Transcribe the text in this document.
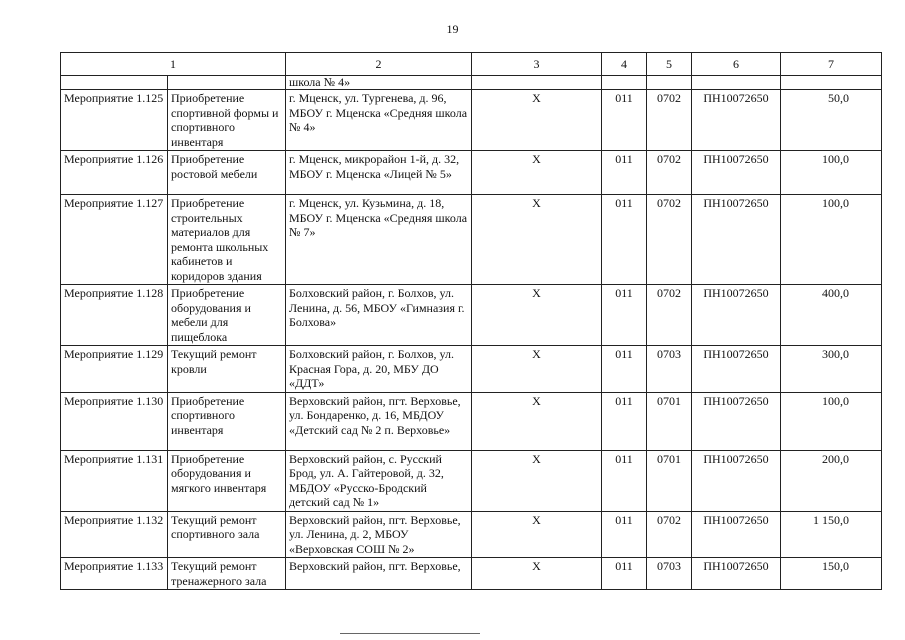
19
1		2	3	4	5	6	7
		школа № 4»					
Мероприятие 1.125	Приобретение спортивной формы и спортивного инвентаря	г. Мценск, ул. Тургенева, д. 96, МБОУ г. Мценска «Средняя школа № 4»	X	011	0702	ПН10072650	50,0
Мероприятие 1.126	Приобретение ростовой мебели	г. Мценск, микрорайон 1-й, д. 32, МБОУ г. Мценска «Лицей № 5»	X	011	0702	ПН10072650	100,0
Мероприятие 1.127	Приобретение строительных материалов для ремонта школьных кабинетов и коридоров здания	г. Мценск, ул. Кузьмина, д. 18, МБОУ г. Мценска «Средняя школа № 7»	X	011	0702	ПН10072650	100,0
Мероприятие 1.128	Приобретение оборудования и мебели для пищеблока	Болховский район, г. Болхов, ул. Ленина, д. 56, МБОУ «Гимназия г. Болхова»	X	011	0702	ПН10072650	400,0
Мероприятие 1.129	Текущий ремонт кровли	Болховский район, г. Болхов, ул. Красная Гора, д. 20, МБУ ДО «ДДТ»	X	011	0703	ПН10072650	300,0
Мероприятие 1.130	Приобретение спортивного инвентаря	Верховский район, пгт. Верховье, ул. Бондаренко, д. 16, МБДОУ «Детский сад № 2 п. Верховье»	X	011	0701	ПН10072650	100,0
Мероприятие 1.131	Приобретение оборудования и мягкого инвентаря	Верховский район, с. Русский Брод, ул. А. Гайтеровой, д. 32, МБДОУ «Русско-Бродский детский сад № 1»	X	011	0701	ПН10072650	200,0
Мероприятие 1.132	Текущий ремонт спортивного зала	Верховский район, пгт. Верховье, ул. Ленина, д. 2, МБОУ «Верховская СОШ № 2»	X	011	0702	ПН10072650	1 150,0
Мероприятие 1.133	Текущий ремонт тренажерного зала	Верховский район, пгт. Верховье,	X	011	0703	ПН10072650	150,0
